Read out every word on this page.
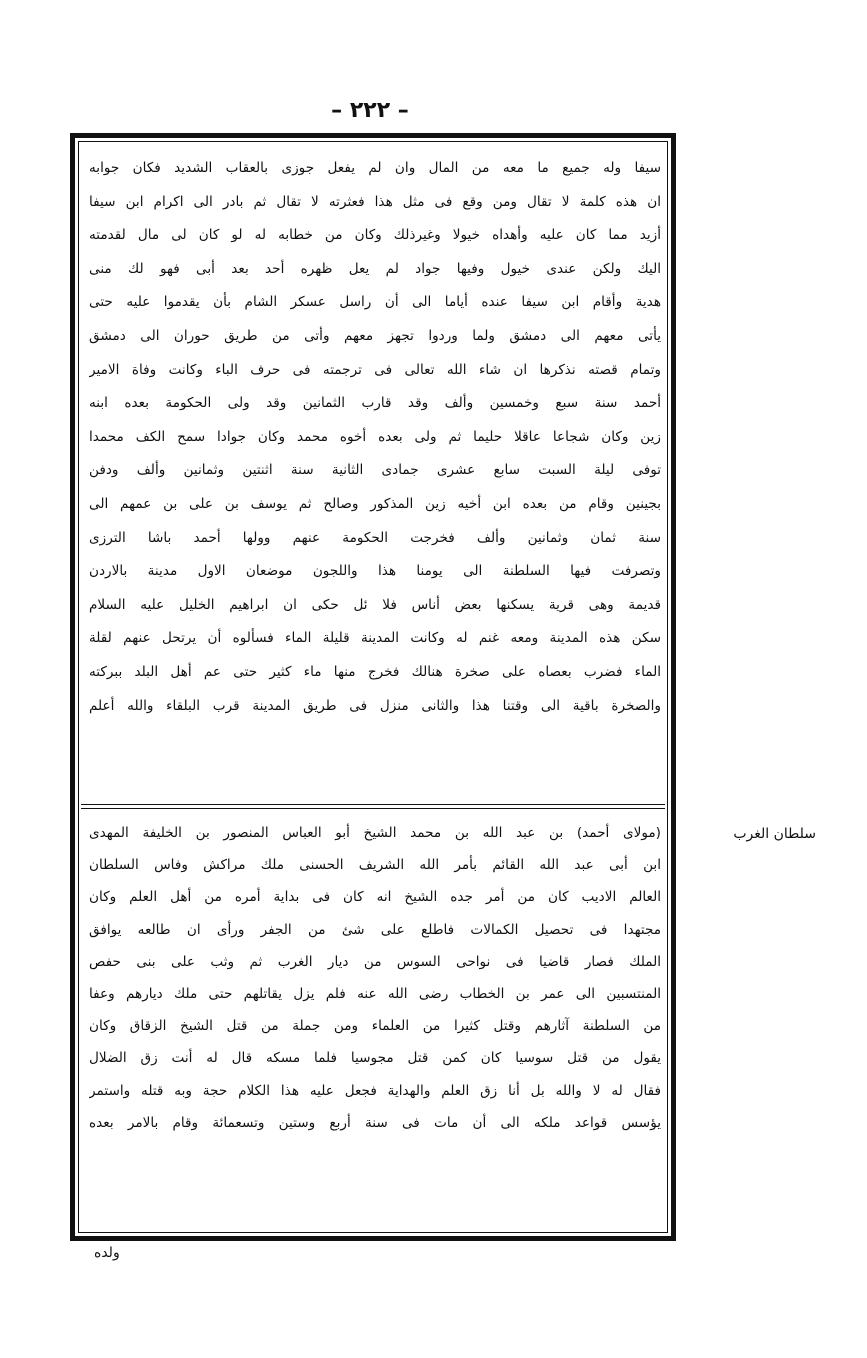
– ٢٢٢ –
سيفا وله جميع ما معه من المال وان لم يفعل جوزى بالعقاب الشديد فكان جوابه
ان هذه كلمة لا تقال ومن وقع فى مثل هذا فعثرته لا تقال ثم بادر الى اكرام ابن سيفا
أزيد مما كان عليه وأهداه خيولا وغيرذلك وكان من خطابه له لو كان لى مال لقدمته
اليك ولكن عندى خيول وفيها جواد لم يعل ظهره أحد بعد أبى فهو لك منى
هدية وأقام ابن سيفا عنده أياما الى أن راسل عسكر الشام بأن يقدموا عليه حتى
يأتى معهم الى دمشق ولما وردوا تجهز معهم وأتى من طريق حوران الى دمشق
وتمام قصته نذكرها ان شاء الله تعالى فى ترجمته فى حرف الباء وكانت وفاة الامير
أحمد سنة سبع وخمسين وألف وقد قارب الثمانين وقد ولى الحكومة بعده ابنه
زين وكان شجاعا عاقلا حليما ثم ولى بعده أخوه محمد وكان جوادا سمح الكف محمدا
توفى ليلة السبت سابع عشرى جمادى الثانية سنة اثنتين وثمانين وألف ودفن
بجينين وقام من بعده ابن أخيه زين المذكور وصالح ثم يوسف بن على بن عمهم الى
سنة ثمان وثمانين وألف فخرجت الحكومة عنهم وولها أحمد باشا الترزى
وتصرفت فيها السلطنة الى يومنا هذا واللجون موضعان الاول مدينة بالاردن
قديمة وهى قرية يسكنها بعض أناس فلا ئل حكى ان ابراهيم الخليل عليه السلام
سكن هذه المدينة ومعه غنم له وكانت المدينة قليلة الماء فسألوه أن يرتحل عنهم لقلة
الماء فضرب بعصاه على صخرة هنالك فخرج منها ماء كثير حتى عم أهل البلد ببركته
والصخرة باقية الى وقتنا هذا والثانى منزل فى طريق المدينة قرب البلقاء والله أعلم
(مولاى أحمد) بن عبد الله بن محمد الشيخ أبو العباس المنصور بن الخليفة المهدى
ابن أبى عبد الله القائم بأمر الله الشريف الحسنى ملك مراكش وفاس السلطان
العالم الاديب كان من أمر جده الشيخ انه كان فى بداية أمره من أهل العلم وكان
مجتهدا فى تحصيل الكمالات فاطلع على شئ من الجفر ورأى ان طالعه يوافق
الملك فصار قاضيا فى نواحى السوس من ديار الغرب ثم وثب على بنى حفص
المنتسبين الى عمر بن الخطاب رضى الله عنه فلم يزل يقاتلهم حتى ملك ديارهم وعفا
من السلطنة آثارهم وقتل كثيرا من العلماء ومن جملة من قتل الشيخ الزقاق وكان
يقول من قتل سوسيا كان كمن قتل مجوسيا فلما مسكه قال له أنت زق الضلال
فقال له لا والله بل أنا زق العلم والهداية فجعل عليه هذا الكلام حجة وبه قتله واستمر
يؤسس قواعد ملكه الى أن مات فى سنة أربع وستين وتسعمائة وقام بالامر بعده
سلطان الغرب
ولده
